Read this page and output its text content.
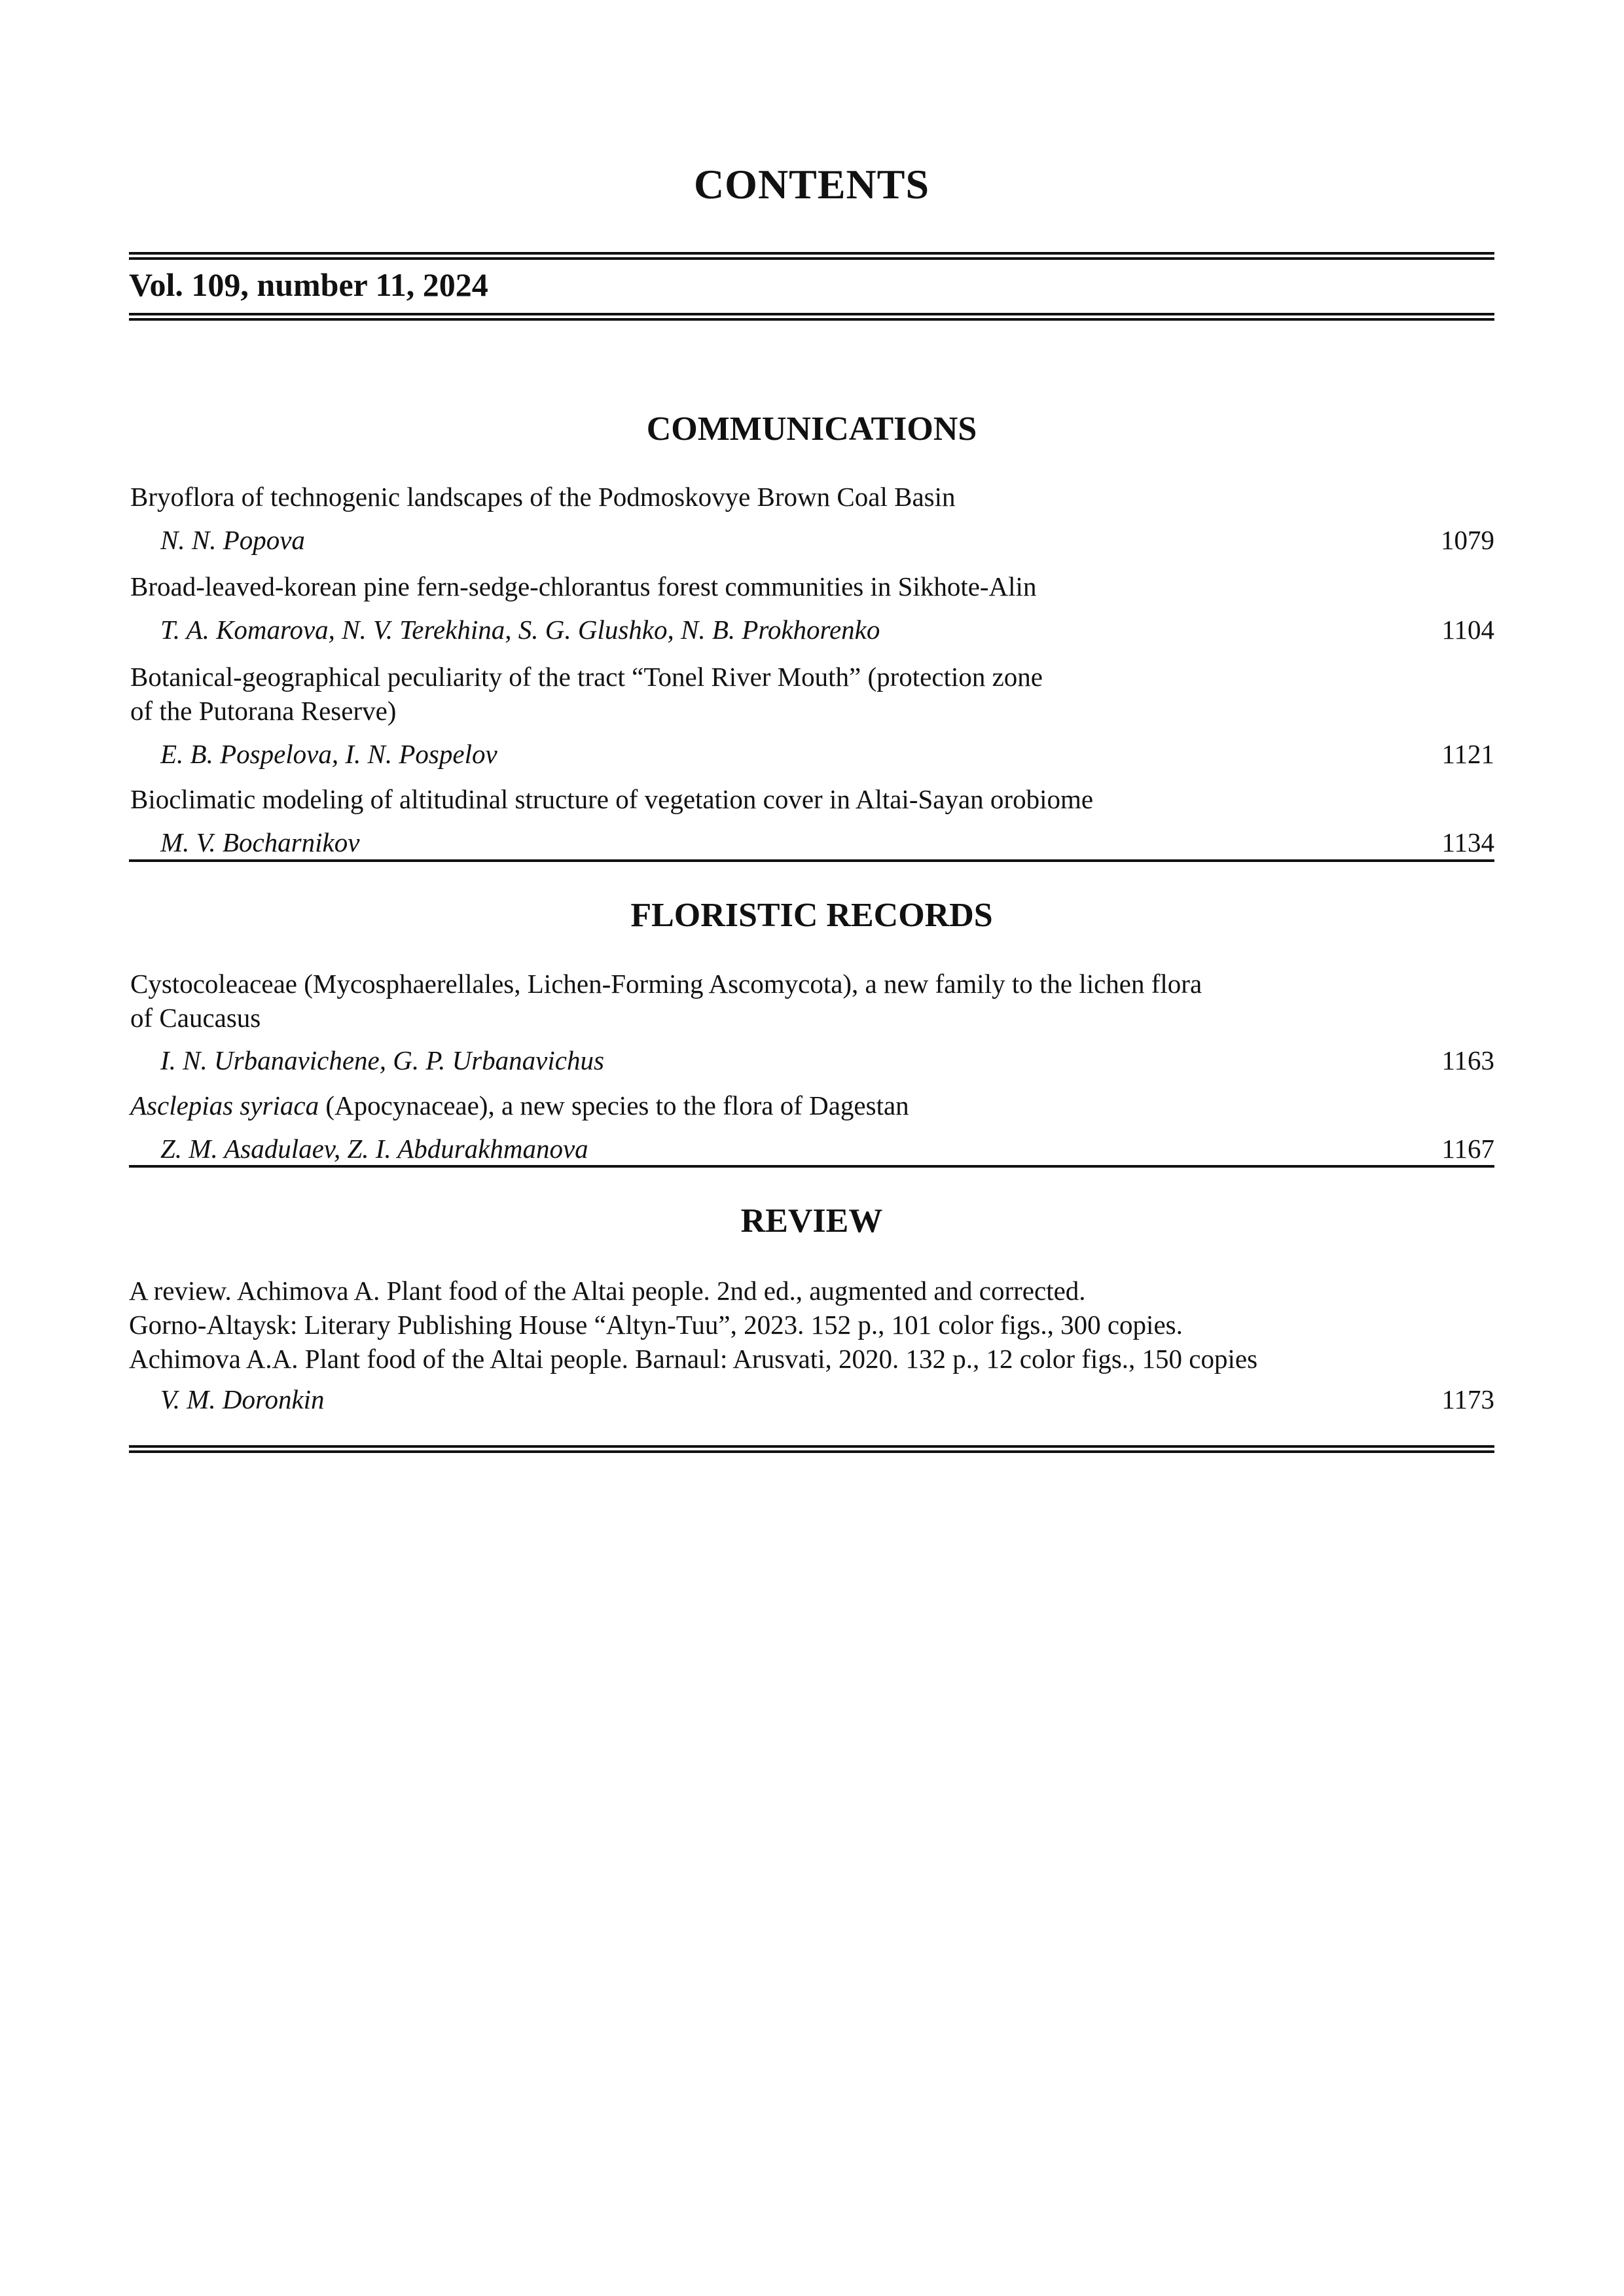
CONTENTS
Vol. 109, number 11, 2024
COMMUNICATIONS
Bryoflora of technogenic landscapes of the Podmoskovye Brown Coal Basin
N. N. Popova	1079
Broad-leaved-korean pine fern-sedge-chlorantus forest communities in Sikhote-Alin
T. A. Komarova, N. V. Terekhina, S. G. Glushko, N. B. Prokhorenko	1104
Botanical-geographical peculiarity of the tract “Tonel River Mouth” (protection zone
of the Putorana Reserve)
E. B. Pospelova, I. N. Pospelov	1121
Bioclimatic modeling of altitudinal structure of vegetation cover in Altai-Sayan orobiome
M. V. Bocharnikov	1134
FLORISTIC RECORDS
Cystocoleaceae (Mycosphaerellales, Lichen-Forming Ascomycota), a new family to the lichen flora
of Caucasus
I. N. Urbanavichene, G. P. Urbanavichus	1163
Asclepias syriaca (Apocynaceae), a new species to the flora of Dagestan
Z. M. Asadulaev, Z. I. Abdurakhmanova	1167
REVIEW
A review. Achimova A. Plant food of the Altai people. 2nd ed., augmented and corrected.
Gorno-Altaysk: Literary Publishing House “Altyn-Tuu”, 2023. 152 p., 101 color figs., 300 copies.
Achimova A.A. Plant food of the Altai people. Barnaul: Arusvati, 2020. 132 p., 12 color figs., 150 copies
V. M. Doronkin	1173
